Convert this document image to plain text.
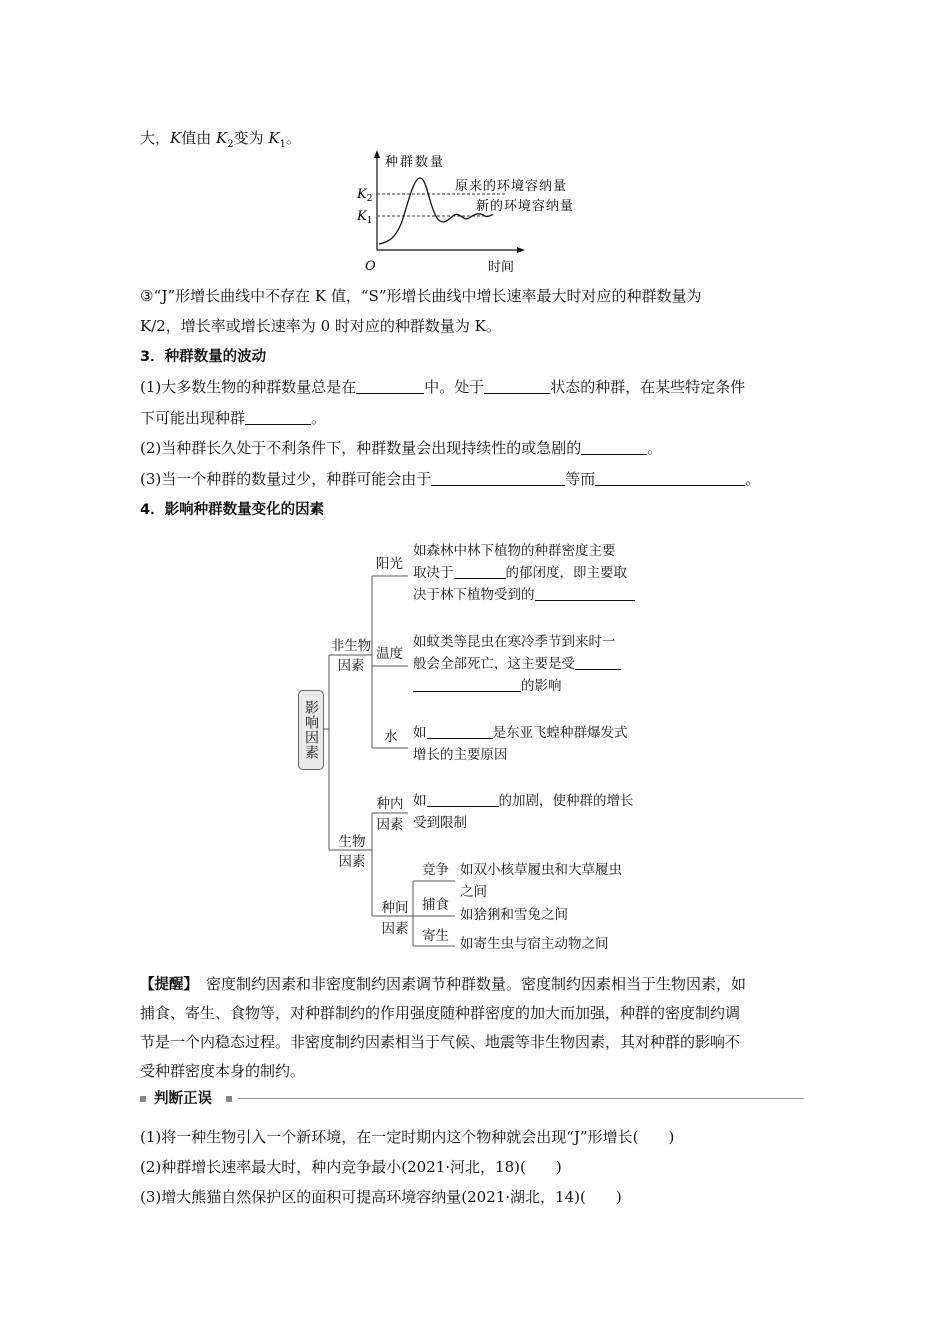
大，K值由 $K_2$变为 $K_1$。
种群数量
$K_2$
$K_1$
O	时间
原来的环境容纳量
新的环境容纳量
③“J”形增长曲线中不存在 K 值，“S”形增长曲线中增长速率最大时对应的种群数量为
K/2，增长率或增长速率为 0 时对应的种群数量为 K。
3．种群数量的波动
(1)大多数生物的种群数量总是在	中。处于	状态的种群，在某些特定条件
下可能出现种群	。
(2)当种群长久处于不利条件下，种群数量会出现持续性的或急剧的	。
(3)当一个种群的数量过少，种群可能会由于	等而	。
4．影响种群数量变化的因素
影响因素
非生物因素
生物因素
阳光
如森林中林下植物的种群密度主要
取决于	的郁闭度，即主要取
决于林下植物受到的
温度
如蚊类等昆虫在寒冷季节到来时一
般会全部死亡，这主要是受
的影响
水 如	是东亚飞蝗种群爆发式
增长的主要原因
种内因素
如	的加剧，使种群的增长
受到限制
种间因素
竞争 如双小核草履虫和大草履虫
之间
捕食
如猞猁和雪兔之间
寄生 如寄生虫与宿主动物之间
【提醒】 密度制约因素和非密度制约因素调节种群数量。密度制约因素相当于生物因素，如
捕食、寄生、食物等，对种群制约的作用强度随种群密度的加大而加强，种群的密度制约调
节是一个内稳态过程。非密度制约因素相当于气候、地震等非生物因素，其对种群的影响不
受种群密度本身的制约。
判断正误
(1)将一种生物引入一个新环境，在一定时期内这个物种就会出现“J”形增长(　　)
(2)种群增长速率最大时，种内竞争最小(2021·河北，18)(　　)
(3)增大熊猫自然保护区的面积可提高环境容纳量(2021·湖北，14)(　　)
